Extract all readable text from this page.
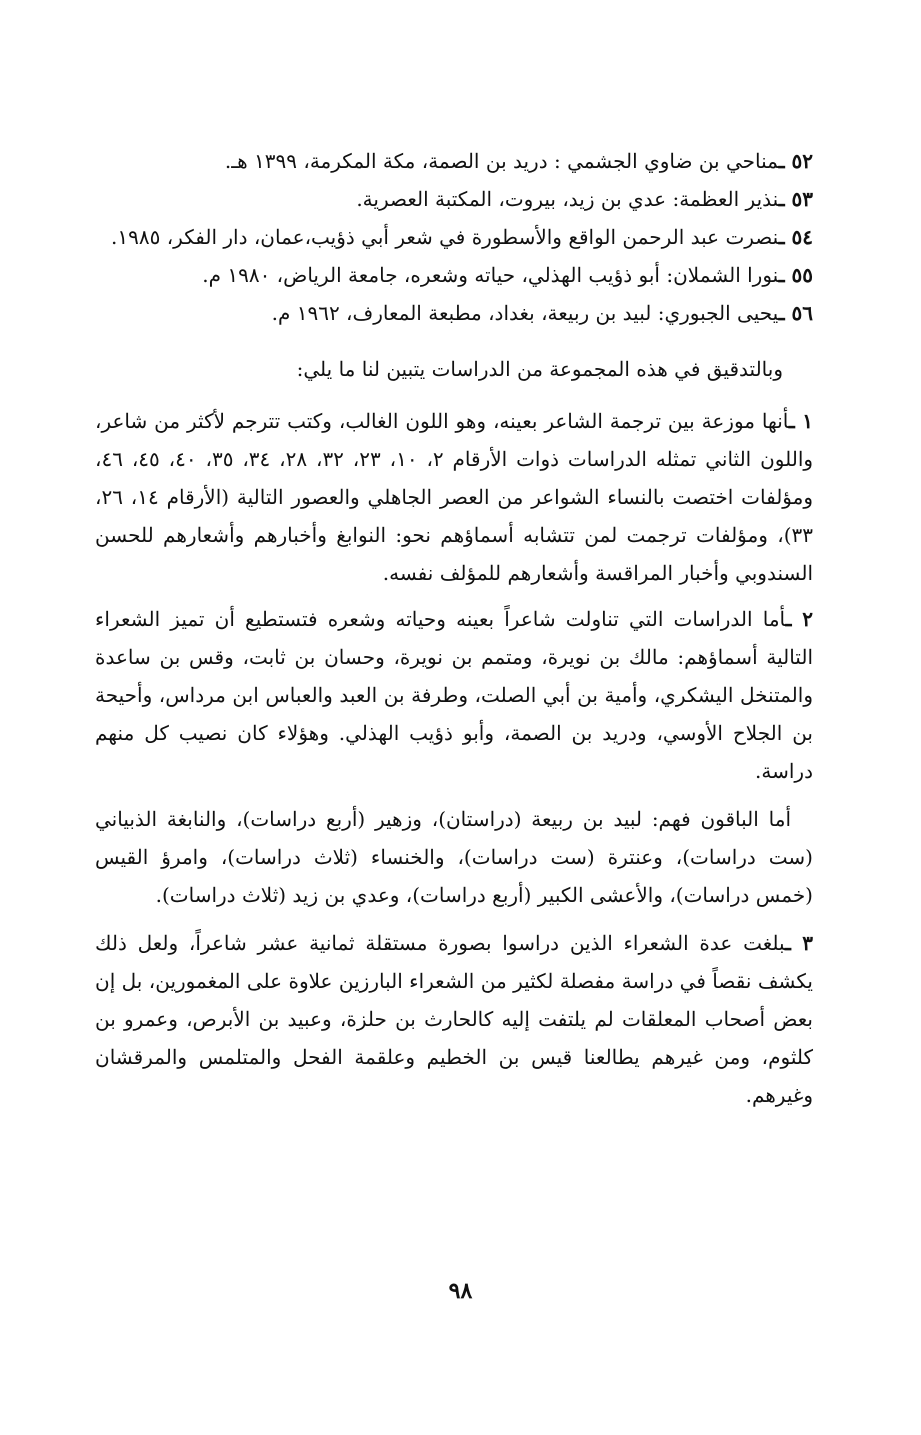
٥٢ ـمناحي بن ضاوي الجشمي : دريد بن الصمة، مكة المكرمة، ١٣٩٩ هـ.
٥٣ ـنذير العظمة: عدي بن زيد، بيروت، المكتبة العصرية.
٥٤ ـنصرت عبد الرحمن الواقع والأسطورة في شعر أبي ذؤيب،عمان، دار الفكر، ١٩٨٥.
٥٥ ـنورا الشملان: أبو ذؤيب الهذلي، حياته وشعره، جامعة الرياض، ١٩٨٠ م.
٥٦ ـيحيى الجبوري: لبيد بن ربيعة، بغداد، مطبعة المعارف، ١٩٦٢ م.

وبالتدقيق في هذه المجموعة من الدراسات يتبين لنا ما يلي:

١ ـأنها موزعة بين ترجمة الشاعر بعينه، وهو اللون الغالب، وكتب تترجم لأكثر من شاعر، واللون الثاني تمثله الدراسات ذوات الأرقام ٢، ١٠، ٢٣، ٣٢، ٢٨، ٣٤، ٣٥، ٤٠، ٤٥، ٤٦، ومؤلفات اختصت بالنساء الشواعر من العصر الجاهلي والعصور التالية (الأرقام ١٤، ٢٦، ٣٣)، ومؤلفات ترجمت لمن تتشابه أسماؤهم نحو: النوابغ وأخبارهم وأشعارهم للحسن السندوبي وأخبار المراقسة وأشعارهم للمؤلف نفسه.

٢ ـأما الدراسات التي تناولت شاعراً بعينه وحياته وشعره فتستطيع أن تميز الشعراء التالية أسماؤهم: مالك بن نويرة، ومتمم بن نويرة، وحسان بن ثابت، وقس بن ساعدة والمتنخل اليشكري، وأمية بن أبي الصلت، وطرفة بن العبد والعباس ابن مرداس، وأحيحة بن الجلاح الأوسي، ودريد بن الصمة، وأبو ذؤيب الهذلي. وهؤلاء كان نصيب كل منهم دراسة.

أما الباقون فهم: لبيد بن ربيعة (دراستان)، وزهير (أربع دراسات)، والنابغة الذبياني (ست دراسات)، وعنترة (ست دراسات)، والخنساء (ثلاث دراسات)، وامرؤ القيس (خمس دراسات)، والأعشى الكبير (أربع دراسات)، وعدي بن زيد (ثلاث دراسات).

٣ ـبلغت عدة الشعراء الذين دراسوا بصورة مستقلة ثمانية عشر شاعراً، ولعل ذلك يكشف نقصاً في دراسة مفصلة لكثير من الشعراء البارزين علاوة على المغمورين، بل إن بعض أصحاب المعلقات لم يلتفت إليه كالحارث بن حلزة، وعبيد بن الأبرص، وعمرو بن كلثوم، ومن غيرهم يطالعنا قيس بن الخطيم وعلقمة الفحل والمتلمس والمرقشان وغيرهم.

٩٨
